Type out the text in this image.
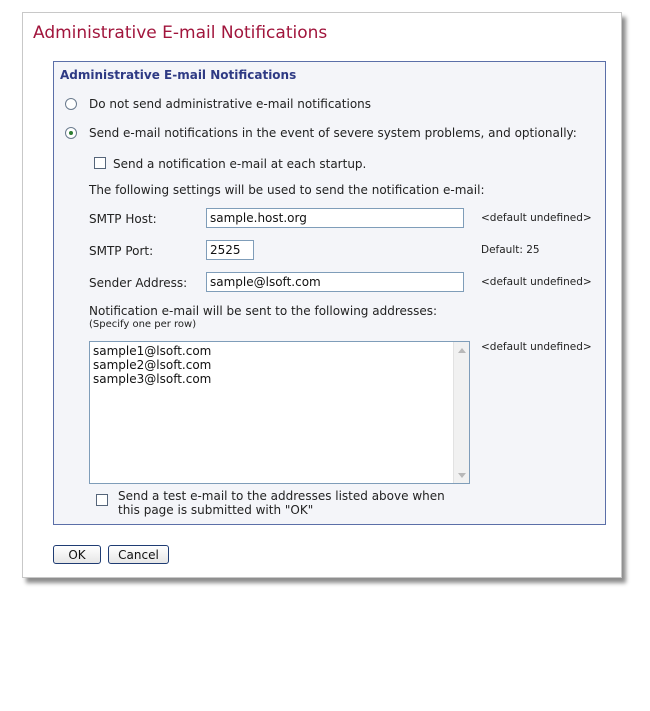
Administrative E-mail Notifications
Administrative E-mail Notifications
Do not send administrative e-mail notifications
Send e-mail notifications in the event of severe system problems, and optionally:
Send a notification e-mail at each startup.
The following settings will be used to send the notification e-mail:
SMTP Host:	sample.host.org	<default undefined>
SMTP Port:	2525	Default: 25
Sender Address:	sample@lsoft.com	<default undefined>
Notification e-mail will be sent to the following addresses:
(Specify one per row)
sample1@lsoft.com
sample2@lsoft.com
sample3@lsoft.com
<default undefined>
Send a test e-mail to the addresses listed above when
this page is submitted with "OK"
OK	Cancel
